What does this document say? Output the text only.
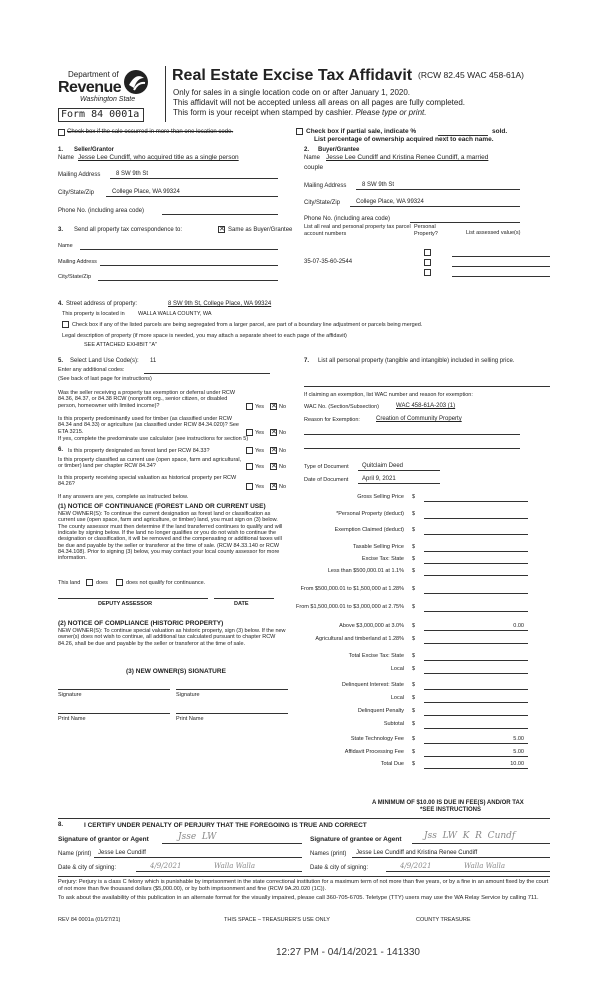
Department of
Revenue
Washington State
Form 84 0001a
Real Estate Excise Tax Affidavit (RCW 82.45 WAC 458-61A)
Only for sales in a single location code on or after January 1, 2020.
This affidavit will not be accepted unless all areas on all pages are fully completed.
This form is your receipt when stamped by cashier. Please type or print.
Check box if the sale occurred in more than one location code.	Check box if partial sale, indicate %	sold.
List percentage of ownership acquired next to each name.
1. Seller/Grantor
Name Jesse Lee Cundiff, who acquired title as a single person
Mailing Address	8 SW 9th St
City/State/Zip	College Place, WA 99324
Phone No. (including area code)
2. Buyer/Grantee
Name Jesse Lee Cundiff and Kristina Renee Cundiff, a married
couple
Mailing Address	8 SW 9th St
City/State/Zip	College Place, WA 99324
Phone No. (including area code)
3. Send all property tax correspondence to: ✕	Same as Buyer/Grantee
Name
Mailing Address
City/State/Zip
List all real and personal property tax parcel account numbers
Personal Property?	List assessed value(s)
35-07-35-60-2544
4. Street address of property:	8 SW 9th St, College Place, WA 99324
This property is located in WALLA WALLA COUNTY, WA
Check box if any of the listed parcels are being segregated from a larger parcel, are part of a boundary line adjustment or parcels being merged.
Legal description of property (if more space is needed, you may attach a separate sheet to each page of the affidavit)
SEE ATTACHED EXHIBIT "A"
5. Select Land Use Code(s): 11
Enter any additional codes:
(See back of last page for instructions)
Was the seller receiving a property tax exemption or deferral under RCW 84.36, 84.37, or 84.38 RCW (nonprofit org., senior citizen, or disabled person, homeowner with limited income)?	Yes ✕	No
Is this property predominantly used for timber (as classified under RCW 84.34 and 84.33) or agriculture (as classified under RCW 84.34.020)? See ETA 3215.	Yes ✕	No
If yes, complete the predominate use calculator (see instructions for section 5)
6. Is this property designated as forest land per RCW 84.33?	Yes ✕	No
Is this property classified as current use (open space, farm and agricultural, or timber) land per chapter RCW 84.34?	Yes ✕	No
Is this property receiving special valuation as historical property per RCW 84.26?	Yes ✕	No
If any answers are yes, complete as instructed below.
(1) NOTICE OF CONTINUANCE (FOREST LAND OR CURRENT USE)
NEW OWNER(S): To continue the current designation as forest land or classification as current use (open space, farm and agriculture, or timber) land, you must sign on (3) below. The county assessor must then determine if the land transferred continues to qualify and will indicate by signing below. If the land no longer qualifies or you do not wish to continue the designation or classification, it will be removed and the compensating or additional taxes will be due and payable by the seller or transferor at the time of sale. (RCW 84.33.140 or RCW 84.34.108). Prior to signing (3) below, you may contact your local county assessor for more information.
This land	does	does not qualify for continuance.
DEPUTY ASSESSOR	DATE
(2) NOTICE OF COMPLIANCE (HISTORIC PROPERTY)
NEW OWNER(S): To continue special valuation as historic property, sign (3) below. If the new owner(s) does not wish to continue, all additional tax calculated pursuant to chapter RCW 84.26, shall be due and payable by the seller or transferor at the time of sale.
(3) NEW OWNER(S) SIGNATURE
Signature	Signature
Print Name	Print Name
7. List all personal property (tangible and intangible) included in selling price.
If claiming an exemption, list WAC number and reason for exemption:
WAC No. (Section/Subsection)	WAC 458-61A-203 (1)
Reason for Exemption:	Creation of Community Property
Type of Document Quitclaim Deed
Date of Document April 9, 2021
Gross Selling Price $
*Personal Property (deduct) $
Exemption Claimed (deduct) $
Taxable Selling Price $
Excise Tax: State $
Less than $500,000.01 at 1.1% $
From $500,000.01 to $1,500,000 at 1.28% $
From $1,500,000.01 to $3,000,000 at 2.75% $
Above $3,000,000 at 3.0% $	0.00
Agricultural and timberland at 1.28% $
Total Excise Tax: State $
Local $
Delinquent Interest: State $
Local $
Delinquent Penalty $
Subtotal $
State Technology Fee $	5.00
Affidavit Processing Fee $	5.00
Total Due $	10.00
A MINIMUM OF $10.00 IS DUE IN FEE(S) AND/OR TAX
*SEE INSTRUCTIONS
8.	I CERTIFY UNDER PENALTY OF PERJURY THAT THE FOREGOING IS TRUE AND CORRECT
Signature of grantor or Agent	Jsse  LW	Signature of grantee or Agent	Jss  LW  K  R  Cundf
Name (print) Jesse Lee Cundiff	Names (print) Jesse Lee Cundiff and Kristina Renee Cundiff
Date & city of signing:	4/9/2021	Walla Walla	Date & city of signing:	4/9/2021	Walla Walla
Perjury: Perjury is a class C felony which is punishable by imprisonment in the state correctional institution for a maximum term of not more than five years, or by a fine in an amount fixed by the court of not more than five thousand dollars ($5,000.00), or by both imprisonment and fine (RCW 9A.20.020 (1C)).
To ask about the availability of this publication in an alternate format for the visually impaired, please call 360-705-6705. Teletype (TTY) users may use the WA Relay Service by calling 711.
REV 84 0001a (01/27/21)	THIS SPACE – TREASURER'S USE ONLY	COUNTY TREASURE
12:27 PM - 04/14/2021 - 141330
